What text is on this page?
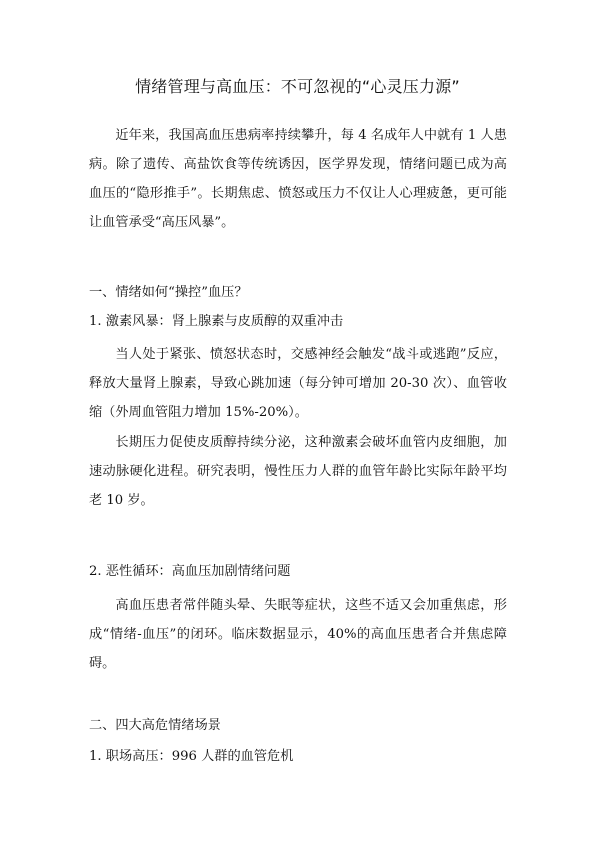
情绪管理与高血压：不可忽视的“心灵压力源”

近年来，我国高血压患病率持续攀升，每 4 名成年人中就有 1 人患病。除了遗传、高盐饮食等传统诱因，医学界发现，情绪问题已成为高血压的“隐形推手”。长期焦虑、愤怒或压力不仅让人心理疲惫，更可能让血管承受“高压风暴”。

一、情绪如何“操控”血压？
1. 激素风暴：肾上腺素与皮质醇的双重冲击

当人处于紧张、愤怒状态时，交感神经会触发“战斗或逃跑”反应，释放大量肾上腺素，导致心跳加速（每分钟可增加 20-30 次）、血管收缩（外周血管阻力增加 15%-20%）。

长期压力促使皮质醇持续分泌，这种激素会破坏血管内皮细胞，加速动脉硬化进程。研究表明，慢性压力人群的血管年龄比实际年龄平均老 10 岁。

2. 恶性循环：高血压加剧情绪问题

高血压患者常伴随头晕、失眠等症状，这些不适又会加重焦虑，形成“情绪-血压”的闭环。临床数据显示，40%的高血压患者合并焦虑障碍。

二、四大高危情绪场景
1. 职场高压：996 人群的血管危机
